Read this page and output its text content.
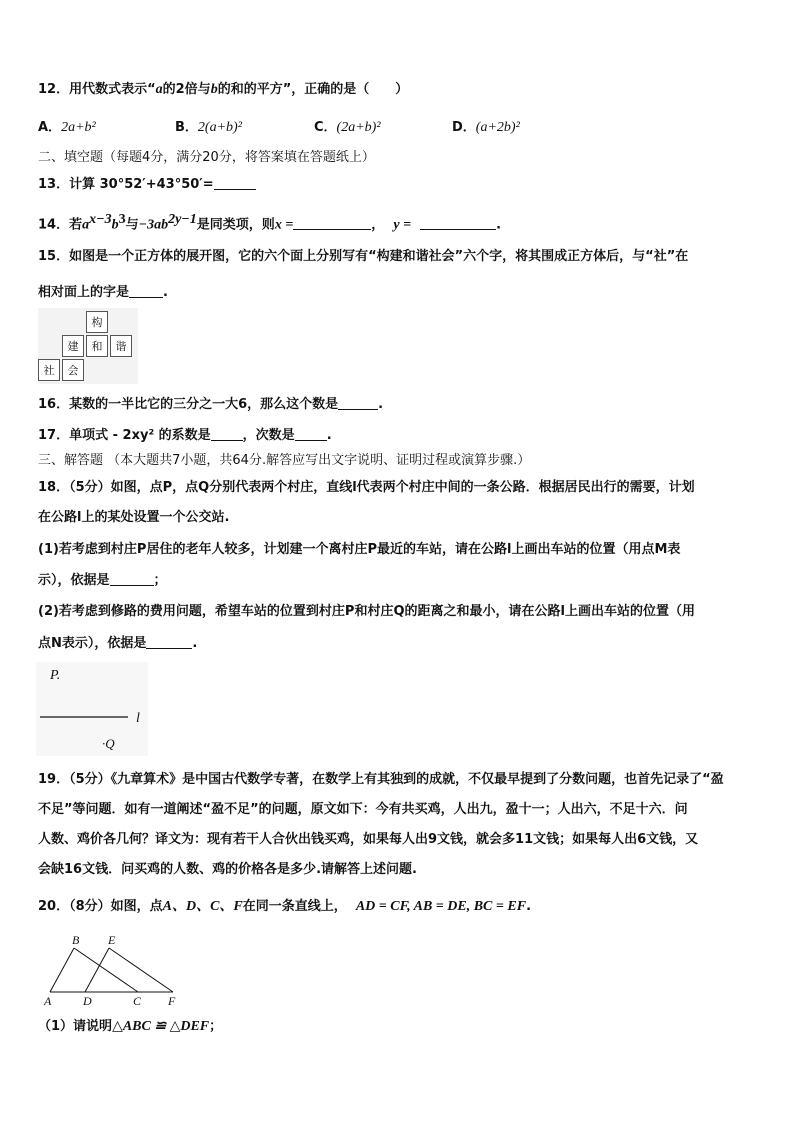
12．用代数式表示“a的2倍与b的和的平方”，正确的是（　　）
A．2a+b²	B．2(a+b)²	C．(2a+b)²	D．(a+2b)²
二、填空题（每题4分，满分20分，将答案填在答题纸上）
13．计算 30°52′+43°50′=
14．若$a^{x-3}b^3$与$-3ab^{2y-1}$是同类项，则x =	， y =	.
15．如图是一个正方体的展开图，它的六个面上分别写有“构建和谐社会”六个字，将其围成正方体后，与“社”在
相对面上的字是	.
构
建	和	谐
社	会
16．某数的一半比它的三分之一大6，那么这个数是	.
17．单项式 - 2xy² 的系数是 ，次数是 .
三、解答题 （本大题共7小题，共64分.解答应写出文字说明、证明过程或演算步骤.）
18．（5分）如图，点P，点Q分别代表两个村庄，直线l代表两个村庄中间的一条公路．根据居民出行的需要，计划
在公路l上的某处设置一个公交站.
(1)若考虑到村庄P居住的老年人较多，计划建一个离村庄P最近的车站，请在公路l上画出车站的位置（用点M表
示），依据是	；
(2)若考虑到修路的费用问题，希望车站的位置到村庄P和村庄Q的距离之和最小，请在公路l上画出车站的位置（用
点N表示），依据是	.
P.
l
·Q
19．（5分）《九章算术》是中国古代数学专著，在数学上有其独到的成就，不仅最早提到了分数问题，也首先记录了“盈
不足”等问题．如有一道阐述“盈不足”的问题，原文如下：今有共买鸡，人出九，盈十一；人出六，不足十六．问
人数、鸡价各几何？译文为：现有若干人合伙出钱买鸡，如果每人出9文钱，就会多11文钱；如果每人出6文钱，又
会缺16文钱．问买鸡的人数、鸡的价格各是多少.请解答上述问题.
20．（8分）如图，点A、D、C、F在同一条直线上， AD = CF, AB = DE, BC = EF.
B E
A	D	C F
（1）请说明△ABC ≌ △DEF；
